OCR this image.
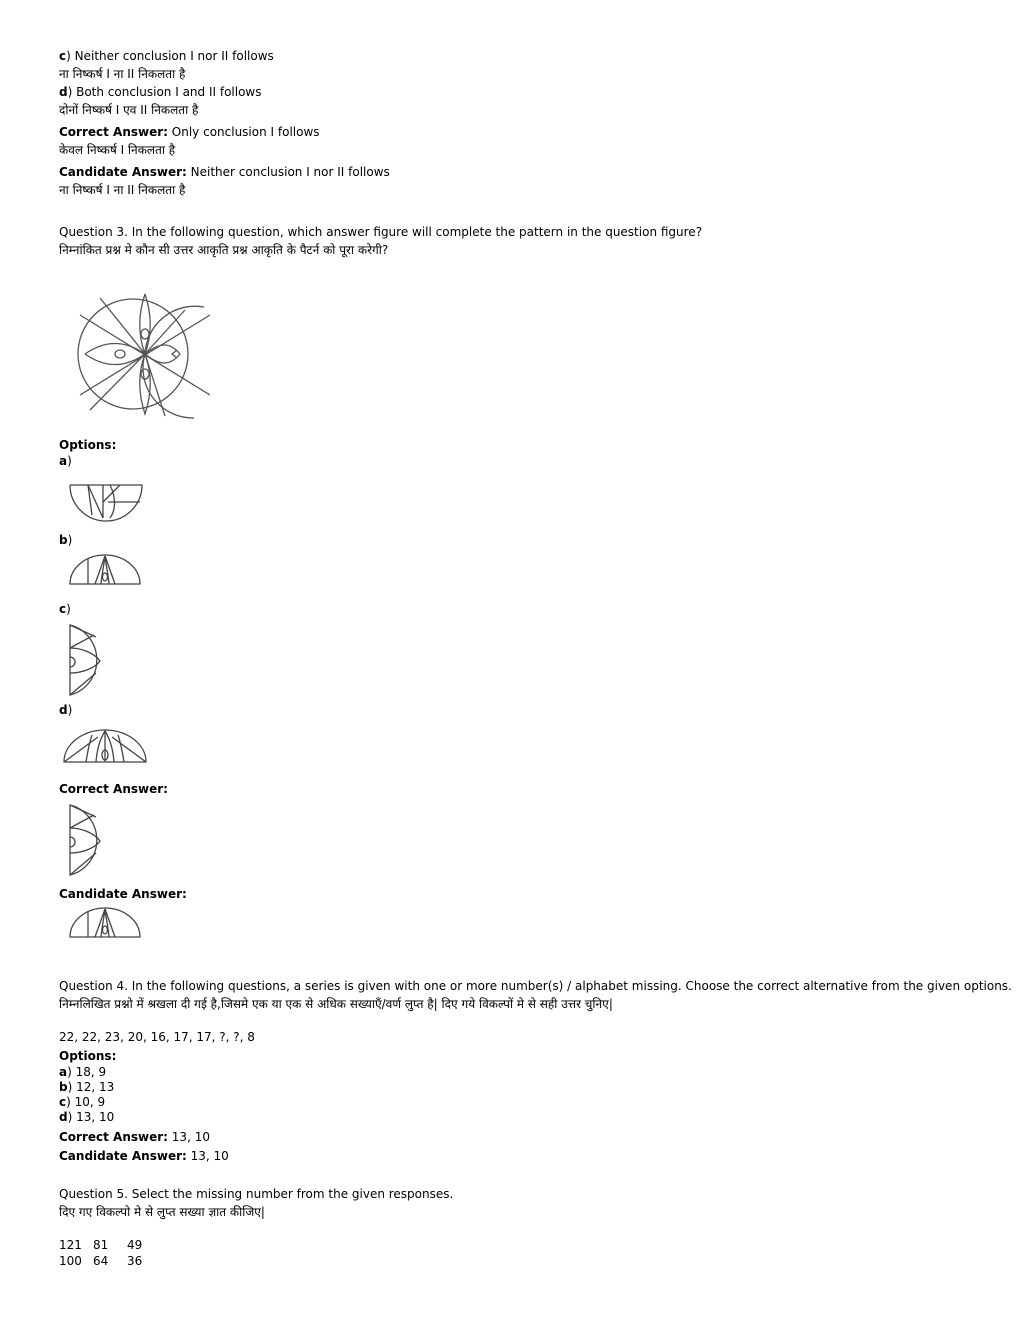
c) Neither conclusion I nor II follows
ना निष्कर्ष I ना II निकलता है
d) Both conclusion I and II follows
दोनों निष्कर्ष I एव II निकलता है
Correct Answer: Only conclusion I follows
केवल निष्कर्ष I निकलता है
Candidate Answer: Neither conclusion I nor II follows
ना निष्कर्ष I ना II निकलता है
Question 3. In the following question, which answer figure will complete the pattern in the question figure?
निम्नांकित प्रश्न मे कौन सी उत्तर आकृति प्रश्न आकृति के पैटर्न को पूरा करेगी?
Options:
a)
b)
c)
d)
Correct Answer:
Candidate Answer:
Question 4. In the following questions, a series is given with one or more number(s) / alphabet missing. Choose the correct alternative from the given options.
निम्नलिखित प्रश्नो में श्रखला दी गई है,जिसमे एक या एक से अधिक सख्याएँ/वर्ण लुप्त है| दिए गये विकल्पों मे से सही उत्तर चुनिए|
22, 22, 23, 20, 16, 17, 17, ?, ?, 8
Options:
a) 18, 9
b) 12, 13
c) 10, 9
d) 13, 10
Correct Answer: 13, 10
Candidate Answer: 13, 10
Question 5. Select the missing number from the given responses.
दिए गए विकल्पो मे से लुप्त सख्या ज्ञात कीजिए|
121 81 49
100 64 36
